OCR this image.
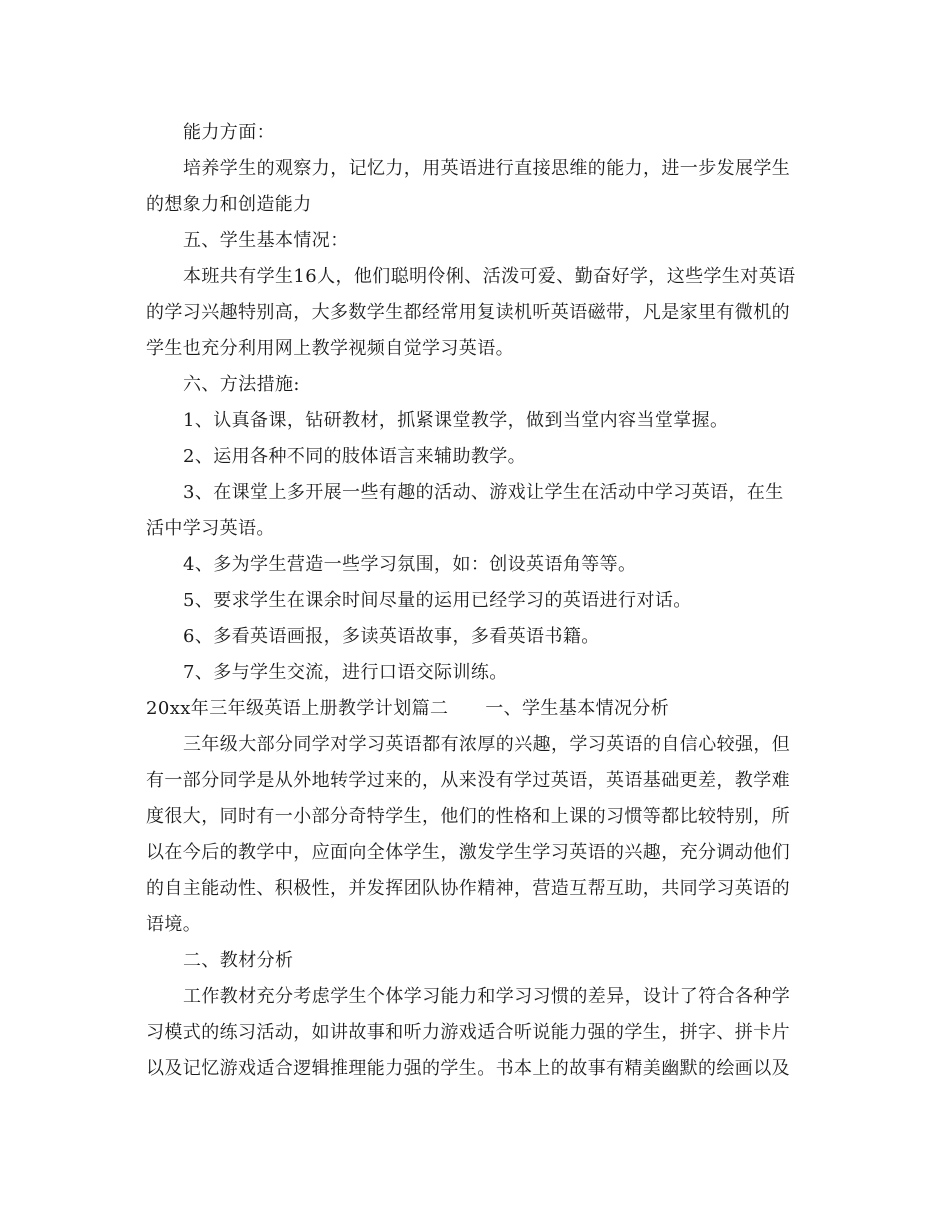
能力方面：
培养学生的观察力，记忆力，用英语进行直接思维的能力，进一步发展学生
的想象力和创造能力
五、学生基本情况：
本班共有学生16人，他们聪明伶俐、活泼可爱、勤奋好学，这些学生对英语
的学习兴趣特别高，大多数学生都经常用复读机听英语磁带，凡是家里有微机的
学生也充分利用网上教学视频自觉学习英语。
六、方法措施:
1、认真备课，钻研教材，抓紧课堂教学，做到当堂内容当堂掌握。
2、运用各种不同的肢体语言来辅助教学。
3、在课堂上多开展一些有趣的活动、游戏让学生在活动中学习英语，在生
活中学习英语。
4、多为学生营造一些学习氛围，如：创设英语角等等。
5、要求学生在课余时间尽量的运用已经学习的英语进行对话。
6、多看英语画报，多读英语故事，多看英语书籍。
7、多与学生交流，进行口语交际训练。
20xx年三年级英语上册教学计划篇二　　一、学生基本情况分析
三年级大部分同学对学习英语都有浓厚的兴趣，学习英语的自信心较强，但
有一部分同学是从外地转学过来的，从来没有学过英语，英语基础更差，教学难
度很大，同时有一小部分奇特学生，他们的性格和上课的习惯等都比较特别，所
以在今后的教学中，应面向全体学生，激发学生学习英语的兴趣，充分调动他们
的自主能动性、积极性，并发挥团队协作精神，营造互帮互助，共同学习英语的
语境。
二、教材分析
工作教材充分考虑学生个体学习能力和学习习惯的差异，设计了符合各种学
习模式的练习活动，如讲故事和听力游戏适合听说能力强的学生，拼字、拼卡片
以及记忆游戏适合逻辑推理能力强的学生。书本上的故事有精美幽默的绘画以及
